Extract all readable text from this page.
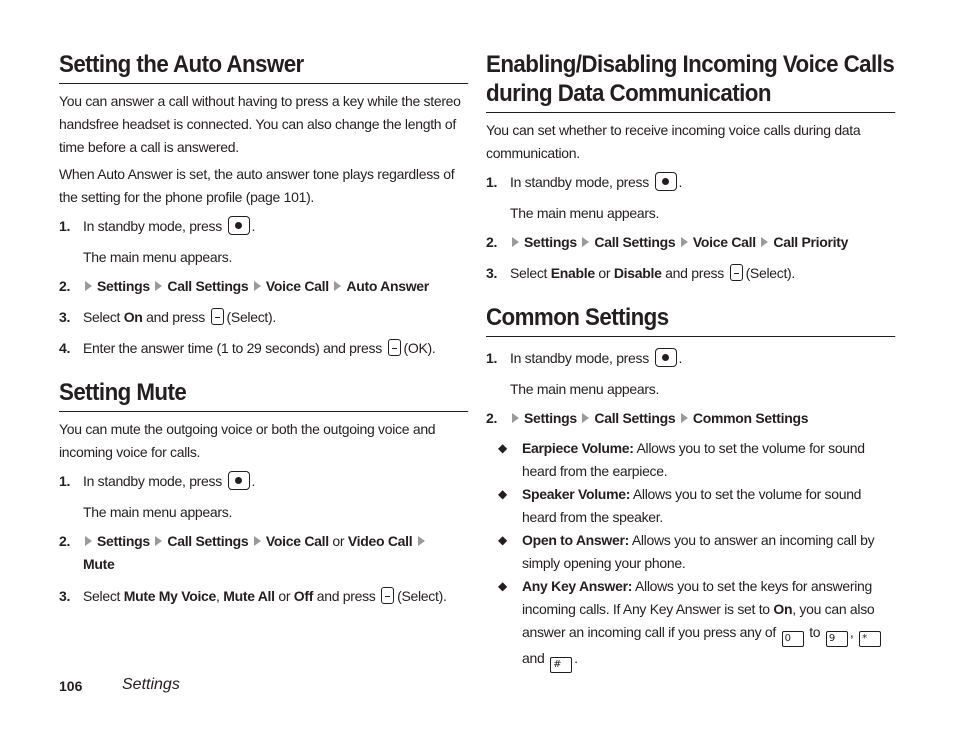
Setting the Auto Answer

You can answer a call without having to press a key while the stereo handsfree headset is connected. You can also change the length of time before a call is answered.

When Auto Answer is set, the auto answer tone plays regardless of the setting for the phone profile (page 101).

1. In standby mode, press .
The main menu appears.
2.	Settings Call Settings Voice Call Auto Answer
3. Select On and press (Select).
4. Enter the answer time (1 to 29 seconds) and press (OK).
Setting Mute

You can mute the outgoing voice or both the outgoing voice and incoming voice for calls.

1. In standby mode, press .
The main menu appears.
2.	Settings Call Settings Voice Call or Video Call
Mute
3. Select Mute My Voice, Mute All or Off and press (Select).
Enabling/Disabling Incoming Voice Calls during Data Communication

You can set whether to receive incoming voice calls during data communication.

1. In standby mode, press .
The main menu appears.
2.	Settings Call Settings Voice Call Call Priority
3. Select Enable or Disable and press (Select).
Common Settings
1. In standby mode, press .
The main menu appears.
2.	Settings Call Settings Common Settings
◆	Earpiece Volume: Allows you to set the volume for sound heard from the earpiece.
◆	Speaker Volume: Allows you to set the volume for sound heard from the speaker.
◆	Open to Answer: Allows you to answer an incoming call by simply opening your phone.
◆	Any Key Answer: Allows you to set the keys for answering incoming calls. If Any Key Answer is set to On, you can also answer an incoming call if you press any of 0 to 9 , *
and # .
106	Settings
